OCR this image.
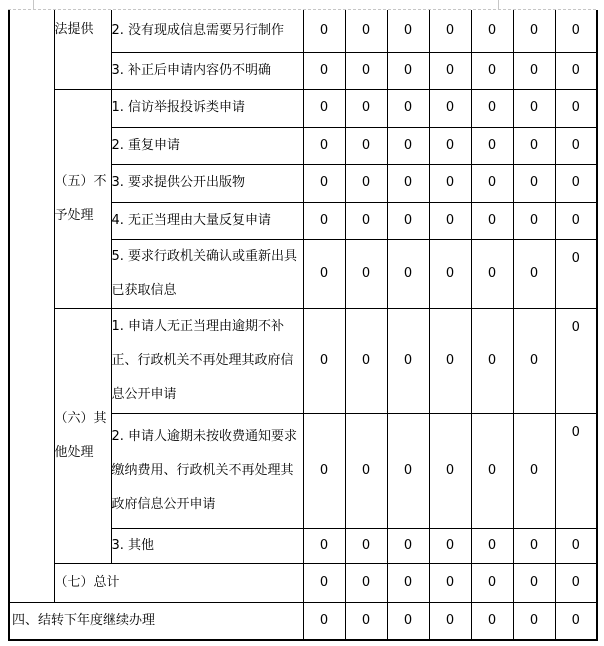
	法提供	2. 没有现成信息需要另行制作	0	0	0	0	0	0	0
		3. 补正后申请内容仍不明确	0	0	0	0	0	0	0
	（五）不予处理	1. 信访举报投诉类申请	0	0	0	0	0	0	0
		2. 重复申请	0	0	0	0	0	0	0
		3. 要求提供公开出版物	0	0	0	0	0	0	0
		4. 无正当理由大量反复申请	0	0	0	0	0	0	0
		5. 要求行政机关确认或重新出具已获取信息	0	0	0	0	0	0	0
	（六）其他处理	1. 申请人无正当理由逾期不补正、行政机关不再处理其政府信息公开申请	0	0	0	0	0	0	0
		2. 申请人逾期未按收费通知要求缴纳费用、行政机关不再处理其政府信息公开申请	0	0	0	0	0	0	0
		3. 其他	0	0	0	0	0	0	0
	（七）总计		0	0	0	0	0	0	0
四、结转下年度继续办理			0	0	0	0	0	0	0
